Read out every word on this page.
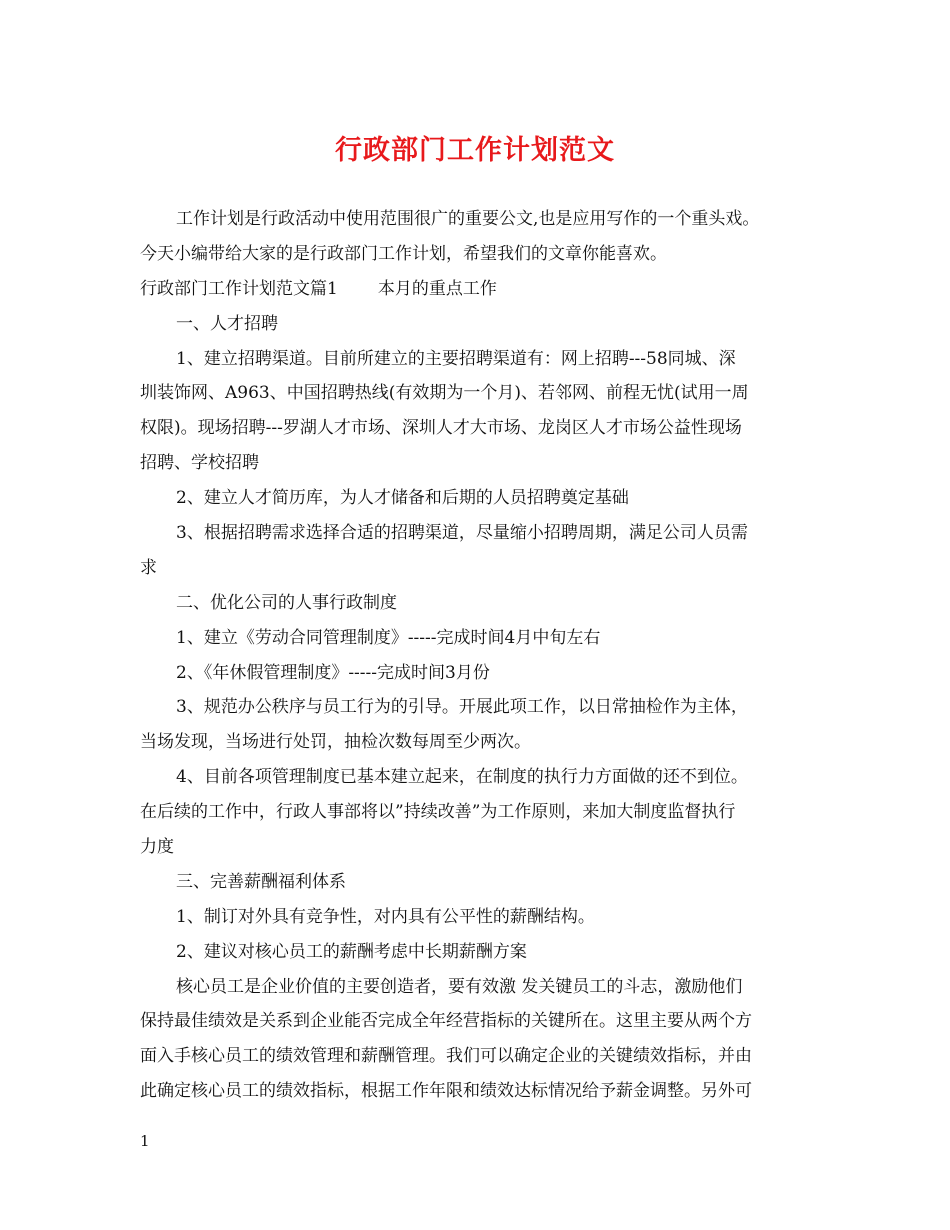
行政部门工作计划范文
工作计划是行政活动中使用范围很广的重要公文,也是应用写作的一个重头戏。
今天小编带给大家的是行政部门工作计划，希望我们的文章你能喜欢。
行政部门工作计划范文篇1 本月的重点工作
一、人才招聘
1、建立招聘渠道。目前所建立的主要招聘渠道有：网上招聘---58同城、深
圳装饰网、A963、中国招聘热线(有效期为一个月)、若邻网、前程无忧(试用一周
权限)。现场招聘---罗湖人才市场、深圳人才大市场、龙岗区人才市场公益性现场
招聘、学校招聘
2、建立人才简历库，为人才储备和后期的人员招聘奠定基础
3、根据招聘需求选择合适的招聘渠道，尽量缩小招聘周期，满足公司人员需
求
二、优化公司的人事行政制度
1、建立《劳动合同管理制度》-----完成时间4月中旬左右
2、《年休假管理制度》-----完成时间3月份
3、规范办公秩序与员工行为的引导。开展此项工作，以日常抽检作为主体，
当场发现，当场进行处罚，抽检次数每周至少两次。
4、目前各项管理制度已基本建立起来，在制度的执行力方面做的还不到位。
在后续的工作中，行政人事部将以”持续改善”为工作原则，来加大制度监督执行
力度
三、完善薪酬福利体系
1、制订对外具有竞争性，对内具有公平性的薪酬结构。
2、建议对核心员工的薪酬考虑中长期薪酬方案
核心员工是企业价值的主要创造者，要有效激 发关键员工的斗志，激励他们
保持最佳绩效是关系到企业能否完成全年经营指标的关键所在。这里主要从两个方
面入手核心员工的绩效管理和薪酬管理。我们可以确定企业的关键绩效指标，并由
此确定核心员工的绩效指标，根据工作年限和绩效达标情况给予薪金调整。另外可
1
